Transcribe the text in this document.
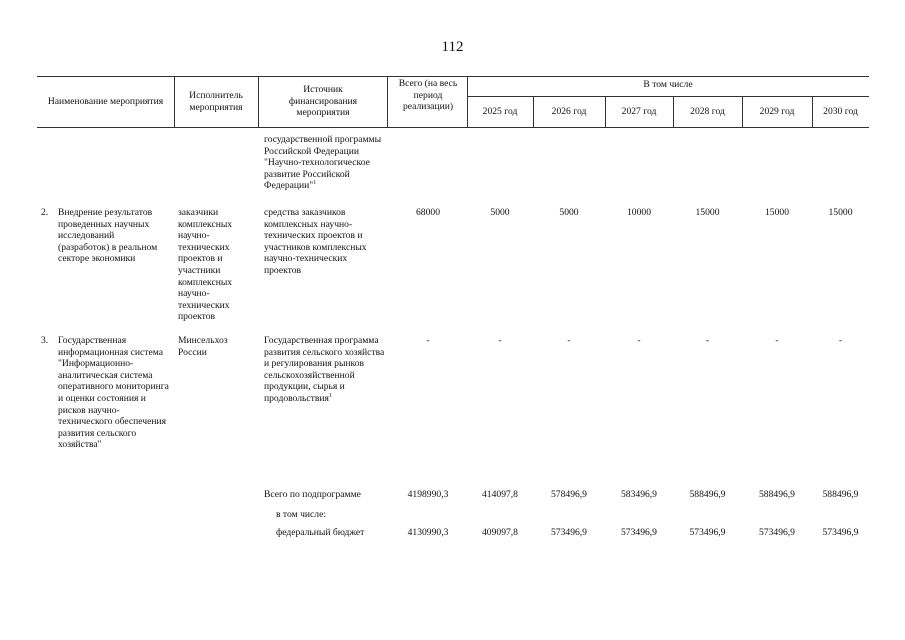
112
Наименование мероприятия
Исполнитель мероприятия
Источник финансирования мероприятия
Всего (на весь период реализации)
В том числе
2025 год	2026 год	2027 год	2028 год	2029 год	2030 год
государственной программы Российской Федерации "Научно-технологическое развитие Российской Федерации"$^1$
2. Внедрение результатов проведенных научных исследований (разработок) в реальном секторе экономики
заказчики комплексных научно-технических проектов и участники комплексных научно-технических проектов
средства заказчиков комплексных научно-технических проектов и участников комплексных научно-технических проектов
68000	5000	5000	10000	15000	15000	15000
3. Государственная информационная система "Информационно-аналитическая система оперативного мониторинга и оценки состояния и рисков научно-технического обеспечения развития сельского хозяйства"
Минсельхоз России
Государственная программа развития сельского хозяйства и регулирования рынков сельскохозяйственной продукции, сырья и продовольствия$^1$
-	-	-	-	-	-	-
Всего по подпрограмме	4198990,3	414097,8	578496,9	583496,9	588496,9	588496,9	588496,9
в том числе:
федеральный бюджет	4130990,3	409097,8	573496,9	573496,9	573496,9	573496,9	573496,9
